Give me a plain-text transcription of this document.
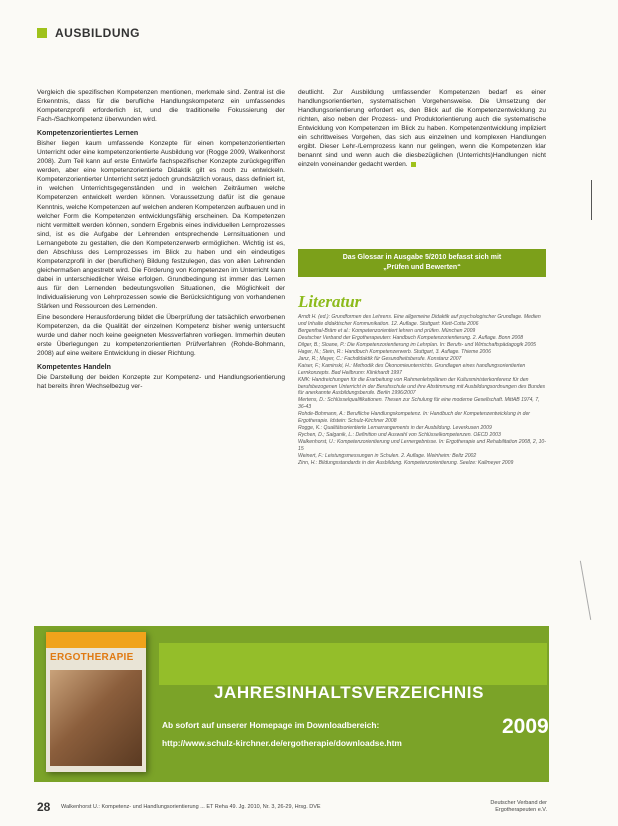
AUSBILDUNG

Vergleich die spezifischen Kompetenzen mentionen, merkmale sind. Zentral ist die Erkenntnis, dass für die berufliche Handlungskompetenz ein umfassendes Kompetenzprofil erforderlich ist, und die traditionelle Fokussierung der Fach-/Sachkompetenz überwunden wird.

Kompetenzorientiertes Lernen

Bisher liegen kaum umfassende Konzepte für einen kompetenzorientierten Unterricht oder eine kompetenzorientierte Ausbildung vor (Rogge 2009, Walkenhorst 2008). Zum Teil kann auf erste Entwürfe fachspezifischer Konzepte zurückgegriffen werden, aber eine kompetenzorientierte Didaktik gilt es noch zu entwickeln. Kompetenzorientierter Unterricht setzt jedoch grundsätzlich voraus, dass definiert ist, in welchen Unterrichtsgegenständen und in welchen Zeiträumen welche Kompetenzen entwickelt werden können. Voraussetzung dafür ist die genaue Kenntnis, welche Kompetenzen auf welchen anderen Kompetenzen aufbauen und in welcher Form die Kompetenzen entwicklungsfähig erscheinen. Da Kompetenzen nicht vermittelt werden können, sondern Ergebnis eines individuellen Lernprozesses sind, ist es die Aufgabe der Lehrenden entsprechende Lernsituationen und Lernangebote zu gestalten, die den Kompetenzerwerb ermöglichen. Wichtig ist es, den Abschluss des Lernprozesses im Blick zu haben und ein eindeutiges Kompetenzprofil in der (beruflichen) Bildung festzulegen, das von allen Lehrenden gleichermaßen angestrebt wird. Die Förderung von Kompetenzen im Unterricht kann dabei in unterschiedlicher Weise erfolgen. Grundbedingung ist immer das Lernen aus für den Lernenden bedeutungsvollen Situationen, die Möglichkeit der Individualisierung von Lehrprozessen sowie die Berücksichtigung von vorhandenen Stärken und Ressourcen des Lernenden.

Eine besondere Herausforderung bildet die Überprüfung der tatsächlich erworbenen Kompetenzen, da die Qualität der einzelnen Kompetenz bisher wenig untersucht wurde und daher noch keine geeigneten Messverfahren vorliegen. Immerhin deuten erste Überlegungen zu kompetenzorientierten Prüfverfahren (Rohde-Bohmann, 2008) auf eine weitere Entwicklung in dieser Richtung.

Kompetentes Handeln

Die Darstellung der beiden Konzepte zur Kompetenz- und Handlungsorientierung hat bereits ihren Wechselbezug ver-

deutlicht. Zur Ausbildung umfassender Kompetenzen bedarf es einer handlungsorientierten, systematischen Vorgehensweise. Die Umsetzung der Handlungsorientierung erfordert es, den Blick auf die Kompetenzentwicklung zu richten, also neben der Prozess- und Produktorientierung auch die systematische Entwicklung von Kompetenzen im Blick zu haben. Kompetenzentwicklung impliziert ein schrittweises Vorgehen, das sich aus einzelnen und komplexen Handlungen ergibt. Dieser Lehr-/Lernprozess kann nur gelingen, wenn die Kompetenzen klar benannt sind und wenn auch die diesbezüglichen (Unterrichts)Handlungen nicht einzeln voneinander gedacht werden.

Das Glossar in Ausgabe 5/2010 befasst sich mit
„Prüfen und Bewerten“
Literatur
Arndt H. (ed.): Grundformen des Lehrens. Eine allgemeine Didaktik auf psychologischer Grundlage. Medien und Inhalte didaktischer Kommunikation. 12. Auflage. Stuttgart: Klett-Cotta 2006
Bergenthal-Bräm et al.: Kompetenzorientiert lehren und prüfen. München 2009
Deutscher Verband der Ergotherapeuten: Handbuch Kompetenzorientierung. 2. Auflage. Bonn 2008
Dilger, B.; Sloane, P.: Die Kompetenzorientierung im Lehrplan. In: Berufs- und Wirtschaftspädagogik 2005
Hager, N.; Stein, R.: Handbuch Kompetenzerwerb. Stuttgart, 3. Auflage. Thieme 2006
Janz, R.; Mayer, C.: Fachdidaktik für Gesundheitsberufe. Konstanz 2007
Kaiser, F.; Kaminski, H.: Methodik des Ökonomieunterrichts. Grundlagen eines handlungsorientierten Lernkonzepts. Bad Heilbrunn: Klinkhardt 1997
KMK: Handreichungen für die Erarbeitung von Rahmenlehrplänen der Kultusministerkonferenz für den berufsbezogenen Unterricht in der Berufsschule und ihre Abstimmung mit Ausbildungsordnungen des Bundes für anerkannte Ausbildungsberufe. Berlin 1996/2007
Mertens, D.: Schlüsselqualifikationen. Thesen zur Schulung für eine moderne Gesellschaft. MittAB 1974, 7, 36-43
Rohde-Bohmann, A.: Berufliche Handlungskompetenz. In: Handbuch der Kompetenzentwicklung in der Ergotherapie. Idstein: Schulz-Kirchner 2008
Rogge, K.: Qualitätsorientierte Lernarrangements in der Ausbildung. Leverkusen 2009
Rychen, D.; Salganik, L.: Definition und Auswahl von Schlüsselkompetenzen. OECD 2003
Walkenhorst, U.: Kompetenzorientierung und Lernergebnisse. In: Ergotherapie und Rehabilitation 2008, 2, 10-15
Weinert, F.: Leistungsmessungen in Schulen. 2. Auflage. Weinheim: Beltz 2002
Zinn, H.: Bildungsstandards in der Ausbildung. Kompetenzorientierung. Seelze: Kallmeyer 2009
ERGOTHERAPIE
JAHRESINHALTSVERZEICHNIS
2009
Ab sofort auf unserer Homepage im Downloadbereich:
http://www.schulz-kirchner.de/ergotherapie/downloadse.htm
28 Walkenhorst U.: Kompetenz- und Handlungsorientierung ... ET Reha 49. Jg. 2010, Nr. 3, 26-29, Hrsg. DVE
Deutscher Verband der
Ergotherapeuten e.V.
